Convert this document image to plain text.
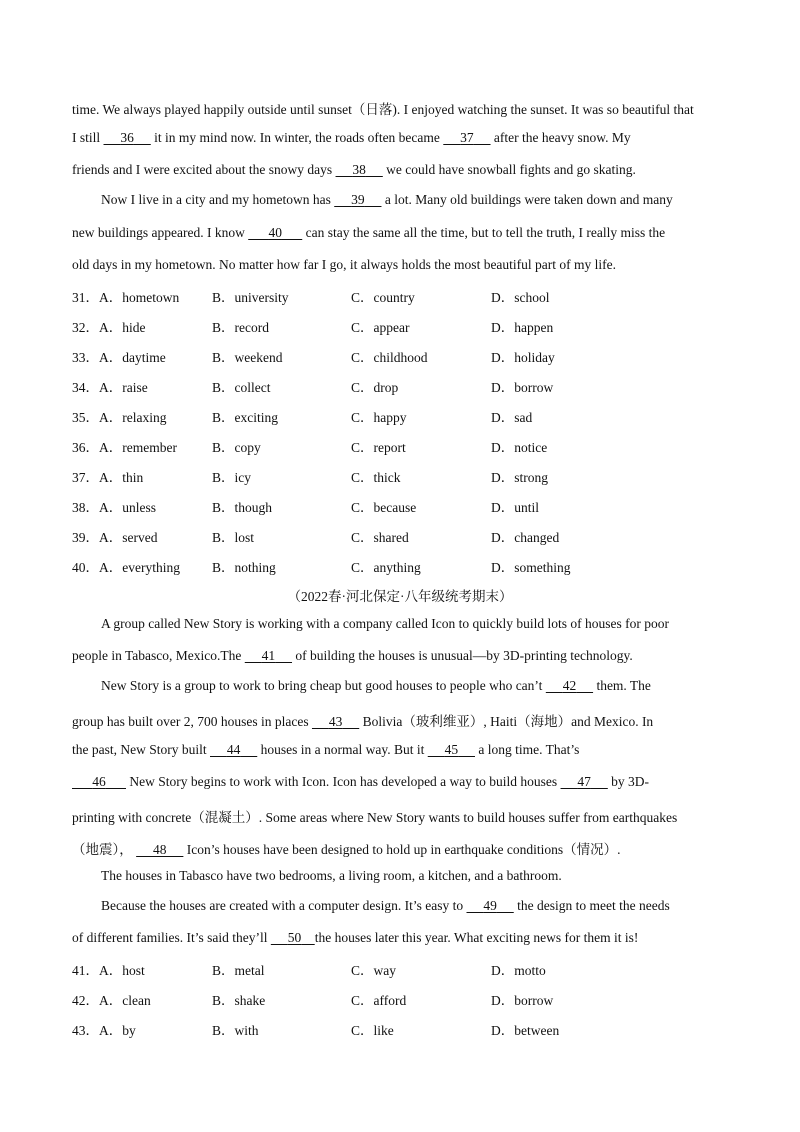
time. We always played happily outside until sunset（日落). I enjoyed watching the sunset. It was so beautiful that
I still 36 it in my mind now. In winter, the roads often became 37 after the heavy snow. My
friends and I were excited about the snowy days 38 we could have snowball fights and go skating.
Now I live in a city and my hometown has 39 a lot. Many old buildings were taken down and many
new buildings appeared. I know 40 can stay the same all the time, but to tell the truth, I really miss the
old days in my hometown. No matter how far I go, it always holds the most beautiful part of my life.
31．A．hometown B．university	C．country	D．school
32．A．hide	B．record	C．appear	D．happen
33．A．daytime	B．weekend	C．childhood	D．holiday
34．A．raise	B．collect	C．drop	D．borrow
35．A．relaxing	B．exciting	C．happy	D．sad
36．A．remember	B．copy	C．report	D．notice
37．A．thin	B．icy	C．thick	D．strong
38．A．unless	B．though	C．because	D．until
39．A．served	B．lost	C．shared	D．changed
40．A．everything B．nothing	C．anything	D．something
（2022春·河北保定·八年级统考期末）
A group called New Story is working with a company called Icon to quickly build lots of houses for poor
people in Tabasco, Mexico.The 41 of building the houses is unusual—by 3D-printing technology.
New Story is a group to work to bring cheap but good houses to people who can’t 42 them. The
group has built over 2, 700 houses in places 43 Bolivia（玻利维亚）, Haiti（海地）and Mexico. In
the past, New Story built 44 houses in a normal way. But it 45 a long time. That’s
46 New Story begins to work with Icon. Icon has developed a way to build houses 47 by 3D-
printing with concrete（混凝土）. Some areas where New Story wants to build houses suffer from earthquakes
（地震）， 48 Icon’s houses have been designed to hold up in earthquake conditions（情况）.
The houses in Tabasco have two bedrooms, a living room, a kitchen, and a bathroom.
Because the houses are created with a computer design. It’s easy to 49 the design to meet the needs
of different families. It’s said they’ll 50 the houses later this year. What exciting news for them it is!
41．A．host	B．metal	C．way	D．motto
42．A．clean	B．shake	C．afford	D．borrow
43．A．by	B．with	C．like	D．between
